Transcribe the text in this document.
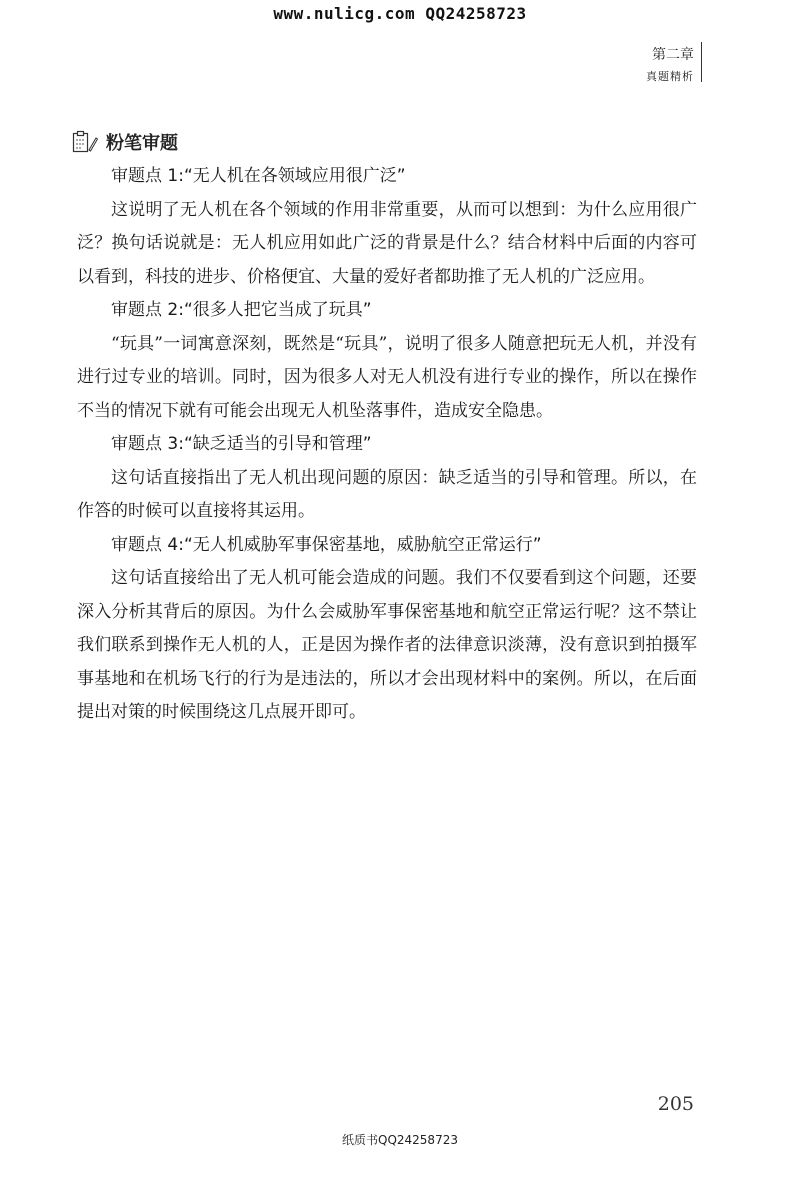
www.nulicg.com QQ24258723
第二章
真题精析
粉笔审题

审题点 1:“无人机在各领域应用很广泛”

这说明了无人机在各个领域的作用非常重要，从而可以想到：为什么应用很广泛？换句话说就是：无人机应用如此广泛的背景是什么？结合材料中后面的内容可以看到，科技的进步、价格便宜、大量的爱好者都助推了无人机的广泛应用。

审题点 2:“很多人把它当成了玩具”

“玩具”一词寓意深刻，既然是“玩具”，说明了很多人随意把玩无人机，并没有进行过专业的培训。同时，因为很多人对无人机没有进行专业的操作，所以在操作不当的情况下就有可能会出现无人机坠落事件，造成安全隐患。

审题点 3:“缺乏适当的引导和管理”

这句话直接指出了无人机出现问题的原因：缺乏适当的引导和管理。所以，在作答的时候可以直接将其运用。

审题点 4:“无人机威胁军事保密基地，威胁航空正常运行”

这句话直接给出了无人机可能会造成的问题。我们不仅要看到这个问题，还要深入分析其背后的原因。为什么会威胁军事保密基地和航空正常运行呢？这不禁让我们联系到操作无人机的人，正是因为操作者的法律意识淡薄，没有意识到拍摄军事基地和在机场飞行的行为是违法的，所以才会出现材料中的案例。所以，在后面提出对策的时候围绕这几点展开即可。

205
纸质书QQ24258723
